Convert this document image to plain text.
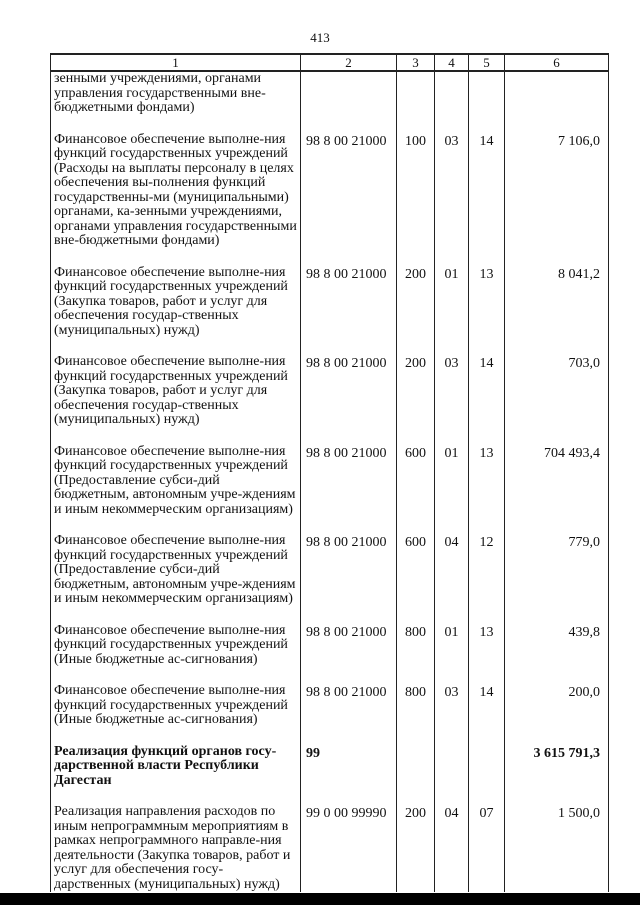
413
1	2	3	4	5	6
зенными учреждениями, органами управления государственными вне-бюджетными фондами)					
Финансовое обеспечение выполне-ния функций государственных учреждений (Расходы на выплаты персоналу в целях обеспечения вы-полнения функций государственны-ми (муниципальными) органами, ка-зенными учреждениями, органами управления государственными вне-бюджетными фондами)	98 8 00 21000	100	03	14	7 106,0
Финансовое обеспечение выполне-ния функций государственных учреждений (Закупка товаров, работ и услуг для обеспечения государ-ственных (муниципальных) нужд)	98 8 00 21000	200	01	13	8 041,2
Финансовое обеспечение выполне-ния функций государственных учреждений (Закупка товаров, работ и услуг для обеспечения государ-ственных (муниципальных) нужд)	98 8 00 21000	200	03	14	703,0
Финансовое обеспечение выполне-ния функций государственных учреждений (Предоставление субси-дий бюджетным, автономным учре-ждениям и иным некоммерческим организациям)	98 8 00 21000	600	01	13	704 493,4
Финансовое обеспечение выполне-ния функций государственных учреждений (Предоставление субси-дий бюджетным, автономным учре-ждениям и иным некоммерческим организациям)	98 8 00 21000	600	04	12	779,0
Финансовое обеспечение выполне-ния функций государственных учреждений (Иные бюджетные ас-сигнования)	98 8 00 21000	800	01	13	439,8
Финансовое обеспечение выполне-ния функций государственных учреждений (Иные бюджетные ас-сигнования)	98 8 00 21000	800	03	14	200,0
Реализация функций органов госу-дарственной власти Республики Дагестан	99				3 615 791,3
Реализация направления расходов по иным непрограммным мероприятиям в рамках непрограммного направле-ния деятельности (Закупка товаров, работ и услуг для обеспечения госу-дарственных (муниципальных) нужд)	99 0 00 99990	200	04	07	1 500,0
